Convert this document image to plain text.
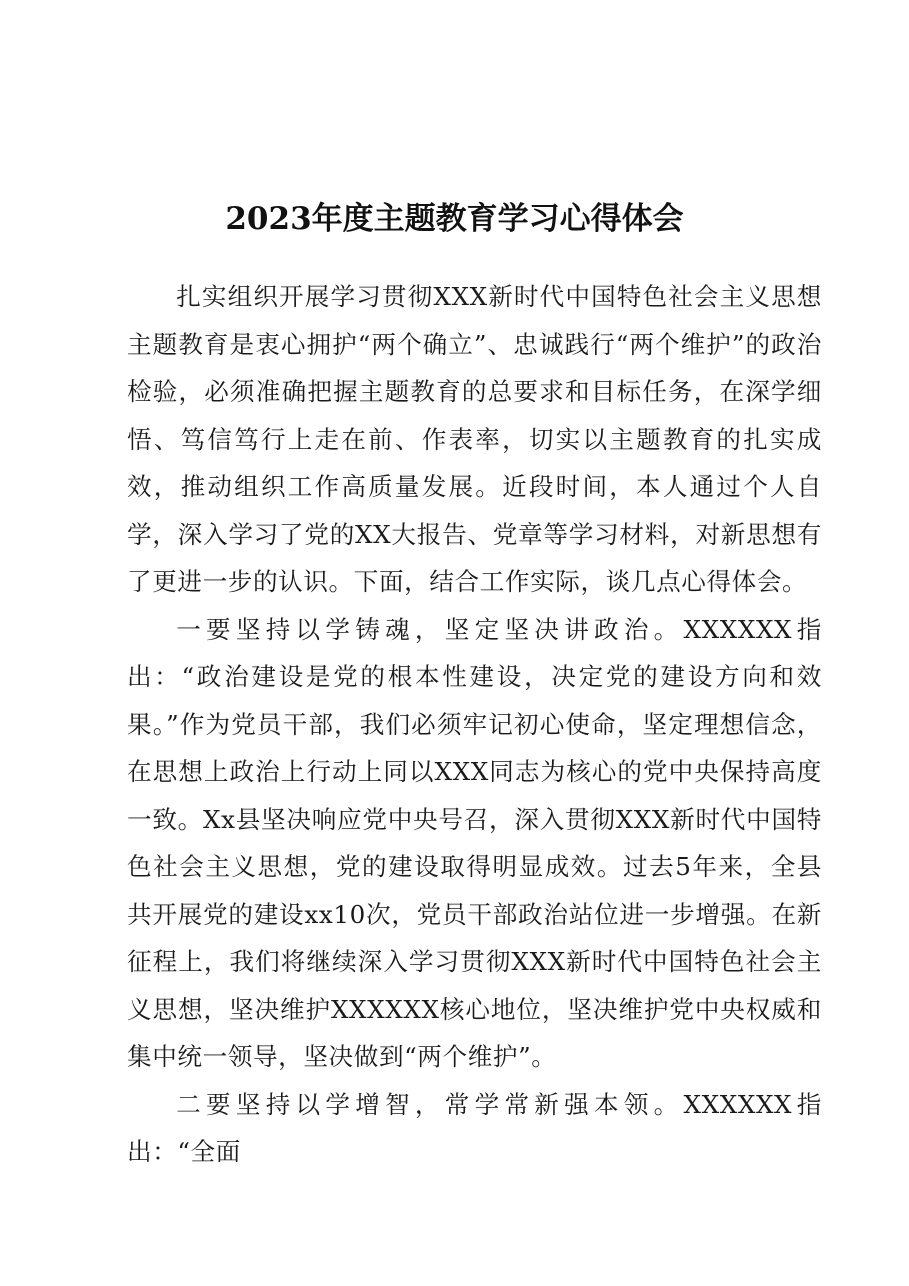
2023年度主题教育学习心得体会

扎实组织开展学习贯彻XXX新时代中国特色社会主义思想主题教育是衷心拥护“两个确立”、忠诚践行“两个维护”的政治检验，必须准确把握主题教育的总要求和目标任务，在深学细悟、笃信笃行上走在前、作表率，切实以主题教育的扎实成效，推动组织工作高质量发展。近段时间，本人通过个人自学，深入学习了党的XX大报告、党章等学习材料，对新思想有了更进一步的认识。下面，结合工作实际，谈几点心得体会。

一要坚持以学铸魂，坚定坚决讲政治。XXXXXX指出：“政治建设是党的根本性建设，决定党的建设方向和效果。”作为党员干部，我们必须牢记初心使命，坚定理想信念，在思想上政治上行动上同以XXX同志为核心的党中央保持高度一致。Xx县坚决响应党中央号召，深入贯彻XXX新时代中国特色社会主义思想，党的建设取得明显成效。过去5年来，全县共开展党的建设xx10次，党员干部政治站位进一步增强。在新征程上，我们将继续深入学习贯彻XXX新时代中国特色社会主义思想，坚决维护XXXXXX核心地位，坚决维护党中央权威和集中统一领导，坚决做到“两个维护”。

二要坚持以学增智，常学常新强本领。XXXXXX指出：“全面
